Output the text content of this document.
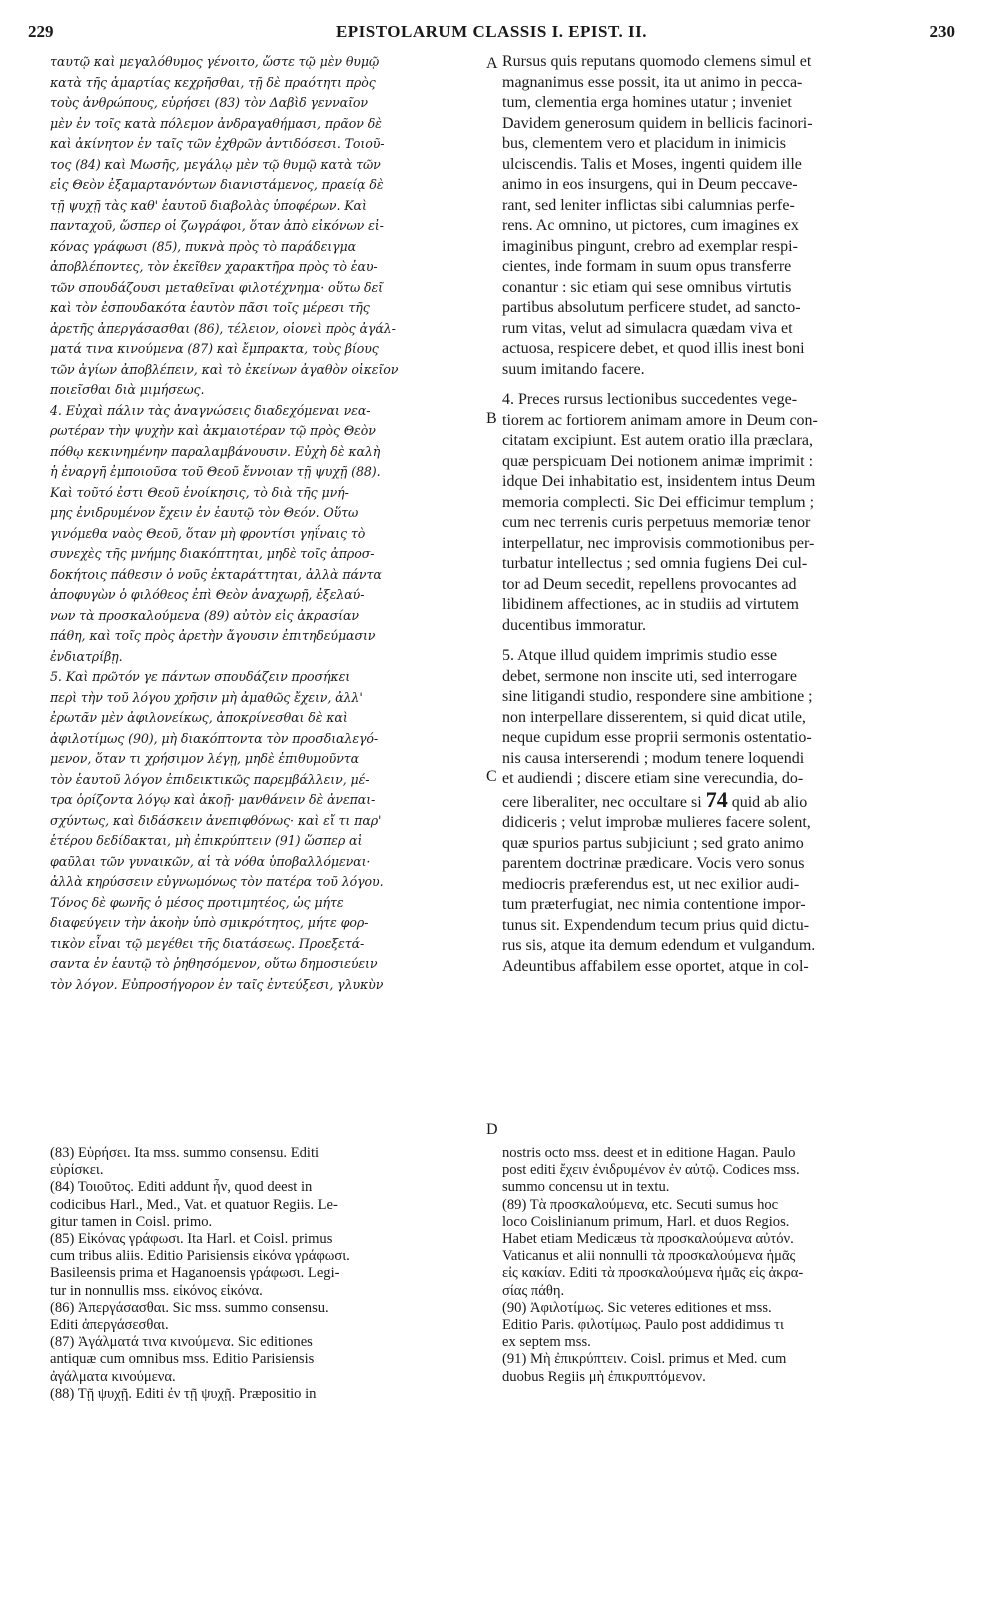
229	EPISTOLARUM CLASSIS I. EPIST. II.	230
ταυτῷ καὶ μεγαλόθυμος γένοιτο, ὥστε τῷ μὲν θυμῷ
κατὰ τῆς ἁμαρτίας κεχρῆσθαι, τῇ δὲ πραότητι πρὸς
τοὺς ἀνθρώπους, εὑρήσει (83) τὸν Δαβὶδ γενναῖον
μὲν ἐν τοῖς κατὰ πόλεμον ἀνδραγαθήμασι, πρᾶον δὲ
καὶ ἀκίνητον ἐν ταῖς τῶν ἐχθρῶν ἀντιδόσεσι. Τοιοῦ-
τος (84) καὶ Μωσῆς, μεγάλῳ μὲν τῷ θυμῷ κατὰ τῶν
εἰς Θεὸν ἐξαμαρτανόντων διανιστάμενος, πραείᾳ δὲ
τῇ ψυχῇ τὰς καθ' ἑαυτοῦ διαβολὰς ὑποφέρων. Καὶ
πανταχοῦ, ὥσπερ οἱ ζωγράφοι, ὅταν ἀπὸ εἰκόνων εἰ-
κόνας γράφωσι (85), πυκνὰ πρὸς τὸ παράδειγμα
ἀποβλέποντες, τὸν ἐκεῖθεν χαρακτῆρα πρὸς τὸ ἑαυ-
τῶν σπουδάζουσι μεταθεῖναι φιλοτέχνημα· οὕτω δεῖ
καὶ τὸν ἐσπουδακότα ἑαυτὸν πᾶσι τοῖς μέρεσι τῆς
ἀρετῆς ἀπεργάσασθαι (86), τέλειον, οἱονεὶ πρὸς ἀγάλ-
ματά τινα κινούμενα (87) καὶ ἔμπρακτα, τοὺς βίους
τῶν ἁγίων ἀποβλέπειν, καὶ τὸ ἐκείνων ἀγαθὸν οἰκεῖον
ποιεῖσθαι διὰ μιμήσεως.
4. Εὐχαὶ πάλιν τὰς ἀναγνώσεις διαδεχόμεναι νεα-
ρωτέραν τὴν ψυχὴν καὶ ἀκμαιοτέραν τῷ πρὸς Θεὸν
πόθῳ κεκινημένην παραλαμβάνουσιν. Εὐχὴ δὲ καλὴ
ἡ ἐναργῆ ἐμποιοῦσα τοῦ Θεοῦ ἔννοιαν τῇ ψυχῇ (88).
Καὶ τοῦτό ἐστι Θεοῦ ἐνοίκησις, τὸ διὰ τῆς μνή-
μης ἐνιδρυμένον ἔχειν ἐν ἑαυτῷ τὸν Θεόν. Οὕτω
γινόμεθα ναὸς Θεοῦ, ὅταν μὴ φροντίσι γηΐναις τὸ
συνεχὲς τῆς μνήμης διακόπτηται, μηδὲ τοῖς ἀπροσ-
δοκήτοις πάθεσιν ὁ νοῦς ἐκταράττηται, ἀλλὰ πάντα
ἀποφυγὼν ὁ φιλόθεος ἐπὶ Θεὸν ἀναχωρῇ, ἐξελαύ-
νων τὰ προσκαλούμενα (89) αὐτὸν εἰς ἀκρασίαν
πάθη, καὶ τοῖς πρὸς ἀρετὴν ἄγουσιν ἐπιτηδεύμασιν
ἐνδιατρίβῃ.
5. Καὶ πρῶτόν γε πάντων σπουδάζειν προσήκει
περὶ τὴν τοῦ λόγου χρῆσιν μὴ ἀμαθῶς ἔχειν, ἀλλ'
ἐρωτᾶν μὲν ἀφιλονείκως, ἀποκρίνεσθαι δὲ καὶ
ἀφιλοτίμως (90), μὴ διακόπτοντα τὸν προσδιαλεγό-
μενον, ὅταν τι χρήσιμον λέγῃ, μηδὲ ἐπιθυμοῦντα
τὸν ἑαυτοῦ λόγον ἐπιδεικτικῶς παρεμβάλλειν, μέ-
τρα ὁρίζοντα λόγῳ καὶ ἀκοῇ· μανθάνειν δὲ ἀνεπαι-
σχύντως, καὶ διδάσκειν ἀνεπιφθόνως· καὶ εἴ τι παρ'
ἑτέρου δεδίδακται, μὴ ἐπικρύπτειν (91) ὥσπερ αἱ
φαῦλαι τῶν γυναικῶν, αἱ τὰ νόθα ὑποβαλλόμεναι·
ἀλλὰ κηρύσσειν εὐγνωμόνως τὸν πατέρα τοῦ λόγου.
Τόνος δὲ φωνῆς ὁ μέσος προτιμητέος, ὡς μήτε
διαφεύγειν τὴν ἀκοὴν ὑπὸ σμικρότητος, μήτε φορ-
τικὸν εἶναι τῷ μεγέθει τῆς διατάσεως. Προεξετά-
σαντα ἐν ἑαυτῷ τὸ ῥηθησόμενον, οὕτω δημοσιεύειν
τὸν λόγον. Εὐπροσήγορον ἐν ταῖς ἐντεύξεσι, γλυκὺν
Rursus quis reputans quomodo clemens simul et
magnanimus esse possit, ita ut animo in pecca-
tum, clementia erga homines utatur ; inveniet
Davidem generosum quidem in bellicis facinori-
bus, clementem vero et placidum in inimicis
ulciscendis. Talis et Moses, ingenti quidem ille
animo in eos insurgens, qui in Deum peccave-
rant, sed leniter inflictas sibi calumnias perfe-
rens. Ac omnino, ut pictores, cum imagines ex
imaginibus pingunt, crebro ad exemplar respi-
cientes, inde formam in suum opus transferre
conantur : sic etiam qui sese omnibus virtutis
partibus absolutum perficere studet, ad sancto-
rum vitas, velut ad simulacra quædam viva et
actuosa, respicere debet, et quod illis inest boni
suum imitando facere.
4. Preces rursus lectionibus succedentes vege-
tiorem ac fortiorem animam amore in Deum con-
citatam excipiunt. Est autem oratio illa præclara,
quæ perspicuam Dei notionem animæ imprimit :
idque Dei inhabitatio est, insidentem intus Deum
memoria complecti. Sic Dei efficimur templum ;
cum nec terrenis curis perpetuus memoriæ tenor
interpellatur, nec improvisis commotionibus per-
turbatur intellectus ; sed omnia fugiens Dei cul-
tor ad Deum secedit, repellens provocantes ad
libidinem affectiones, ac in studiis ad virtutem
ducentibus immoratur.
5. Atque illud quidem imprimis studio esse
debet, sermone non inscite uti, sed interrogare
sine litigandi studio, respondere sine ambitione ;
non interpellare disserentem, si quid dicat utile,
neque cupidum esse proprii sermonis ostentatio-
nis causa interserendi ; modum tenere loquendi
et audiendi ; discere etiam sine verecundia, do-
cere liberaliter, nec occultare si 74 quid ab alio
didiceris ; velut improbæ mulieres facere solent,
quæ spurios partus subjiciunt ; sed grato animo
parentem doctrinæ prædicare. Vocis vero sonus
mediocris præferendus est, ut nec exilior audi-
tum præterfugiat, nec nimia contentione impor-
tunus sit. Expendendum tecum prius quid dictu-
rus sis, atque ita demum edendum et vulgandum.
Adeuntibus affabilem esse oportet, atque in col-
A
B
C
D
(83) Εὑρήσει. Ita mss. summo consensu. Editi
εὑρίσκει.
(84) Τοιοῦτος. Editi addunt ἦν, quod deest in
codicibus Harl., Med., Vat. et quatuor Regiis. Le-
gitur tamen in Coisl. primo.
(85) Εἰκόνας γράφωσι. Ita Harl. et Coisl. primus
cum tribus aliis. Editio Parisiensis εἰκόνα γράφωσι.
Basileensis prima et Haganoensis γράφωσι. Legi-
tur in nonnullis mss. εἰκόνος εἰκόνα.
(86) Ἀπεργάσασθαι. Sic mss. summo consensu.
Editi ἀπεργάσεσθαι.
(87) Ἀγάλματά τινα κινούμενα. Sic editiones
antiquæ cum omnibus mss. Editio Parisiensis
ἀγάλματα κινούμενα.
(88) Τῇ ψυχῇ. Editi ἐν τῇ ψυχῇ. Præpositio in
nostris octo mss. deest et in editione Hagan. Paulo
post editi ἔχειν ἐνιδρυμένον ἐν αὐτῷ. Codices mss.
summo concensu ut in textu.
(89) Τὰ προσκαλούμενα, etc. Secuti sumus hoc
loco Coislinianum primum, Harl. et duos Regios.
Habet etiam Medicæus τὰ προσκαλούμενα αὐτόν.
Vaticanus et alii nonnulli τὰ προσκαλούμενα ἡμᾶς
εἰς κακίαν. Editi τὰ προσκαλούμενα ἡμᾶς εἰς ἀκρα-
σίας πάθη.
(90) Ἀφιλοτίμως. Sic veteres editiones et mss.
Editio Paris. φιλοτίμως. Paulo post addidimus τι
ex septem mss.
(91) Μὴ ἐπικρύπτειν. Coisl. primus et Med. cum
duobus Regiis μὴ ἐπικρυπτόμενον.
